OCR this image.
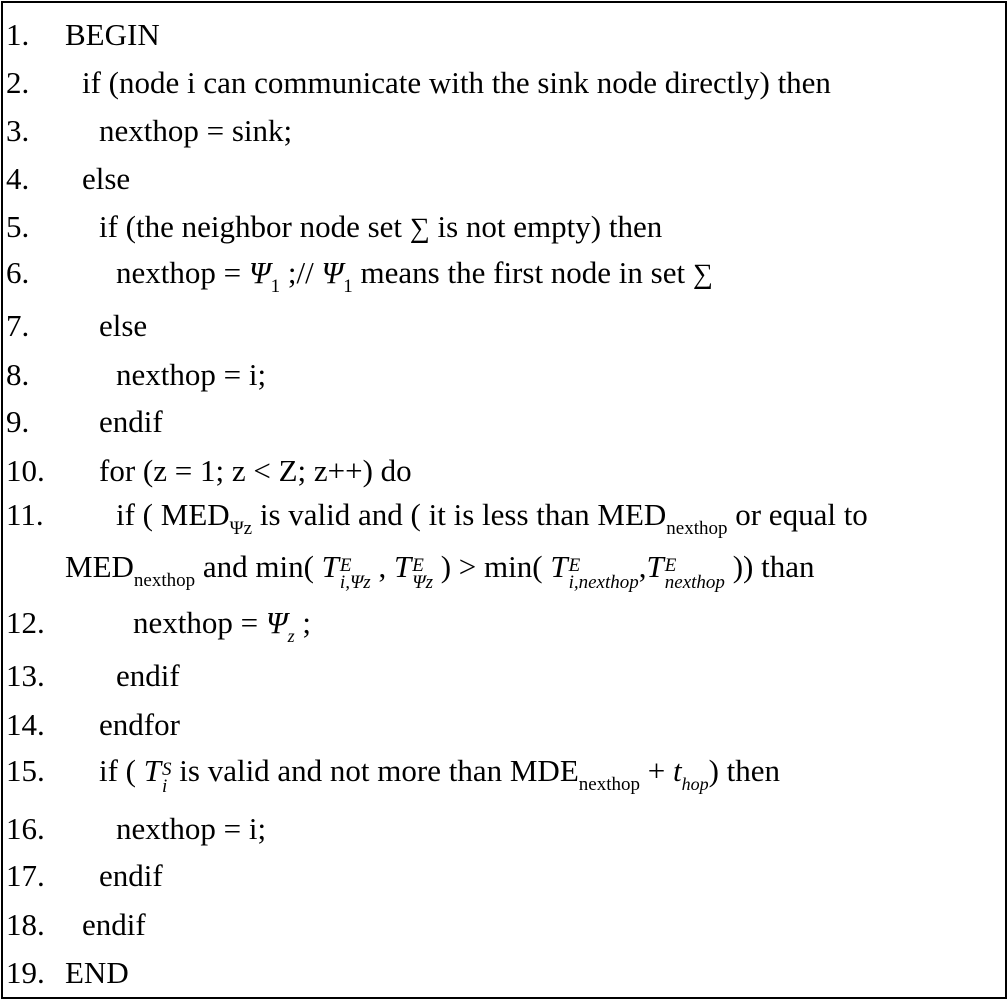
1. BEGIN
2. if (node i can communicate with the sink node directly) then
3. nexthop = sink;
4. else
5. if (the neighbor node set ∑ is not empty) then
6.	nexthop = $\Psi_1$ ;// $\Psi_1$ means the first node in set ∑
7. else
8.	nexthop = i;
9. endif
10. for (z = 1; z < Z; z++) do
11. if ( $MED_{\Psi z}$ is valid and ( it is less than $MED_{nexthop}$ or equal to
$MED_{nexthop}$ and min( T E
i,Ψz , T E
Ψz ) > min( T E
i,nexthop ,T E
nexthop )) than
12.	nexthop = $\Psi_z$ ;
13. endif
14. endfor
15. if ( T S
i is valid and not more than $MDE_{nexthop} + t_{hop}$) then
16. nexthop = i;
17. endif
18. endif
19. END
